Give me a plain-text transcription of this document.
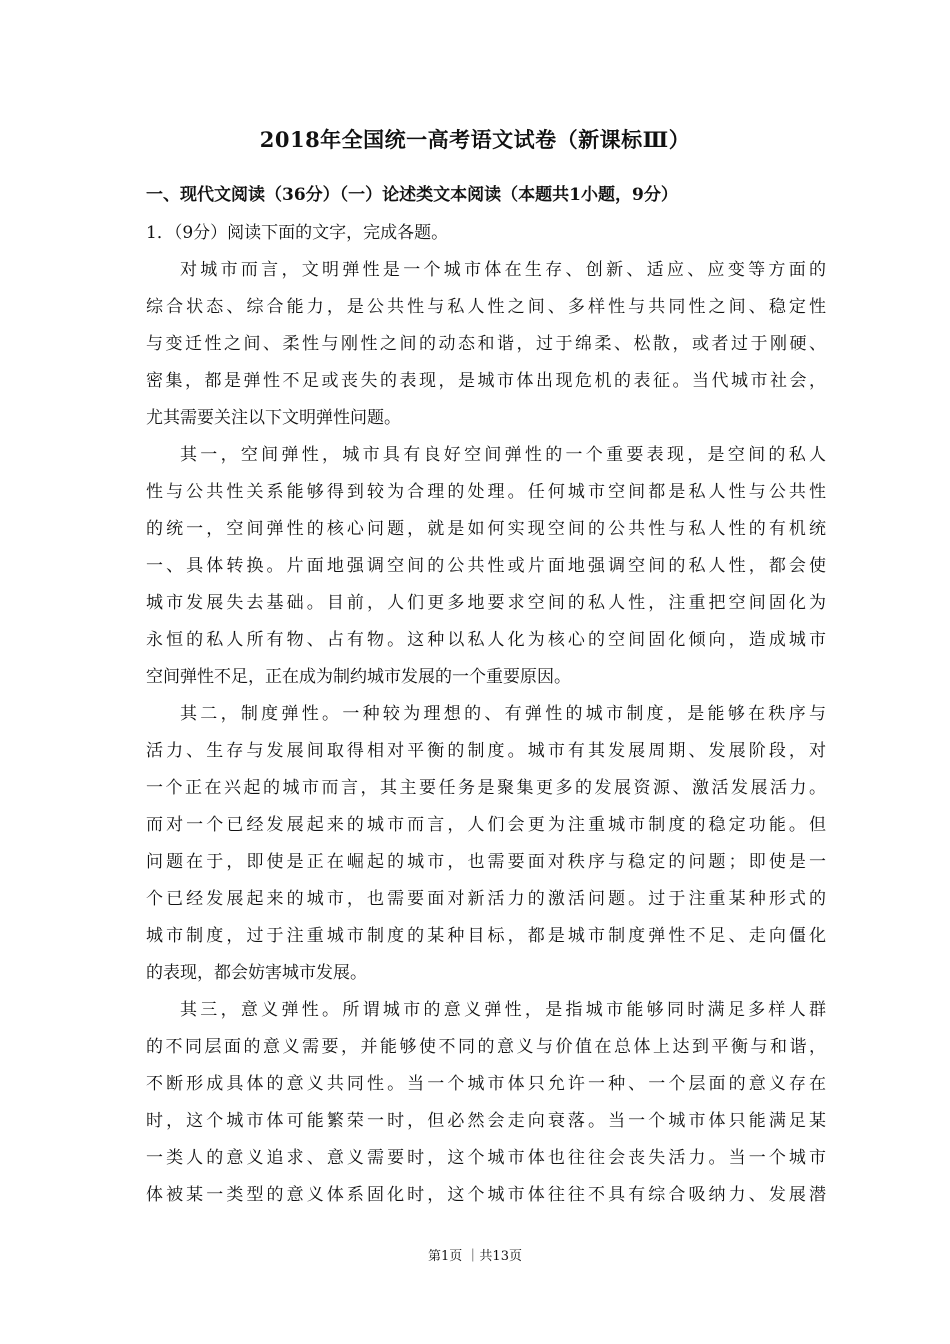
2018年全国统一高考语文试卷（新课标Ⅲ）
一、现代文阅读（36分）（一）论述类文本阅读（本题共1小题，9分）
1．（9分）阅读下面的文字，完成各题。
对城市而言，文明弹性是一个城市体在生存、创新、适应、应变等方面的
综合状态、综合能力，是公共性与私人性之间、多样性与共同性之间、稳定性
与变迁性之间、柔性与刚性之间的动态和谐，过于绵柔、松散，或者过于刚硬、
密集，都是弹性不足或丧失的表现，是城市体出现危机的表征。当代城市社会，
尤其需要关注以下文明弹性问题。
其一，空间弹性，城市具有良好空间弹性的一个重要表现，是空间的私人
性与公共性关系能够得到较为合理的处理。任何城市空间都是私人性与公共性
的统一，空间弹性的核心问题，就是如何实现空间的公共性与私人性的有机统
一、具体转换。片面地强调空间的公共性或片面地强调空间的私人性，都会使
城市发展失去基础。目前，人们更多地要求空间的私人性，注重把空间固化为
永恒的私人所有物、占有物。这种以私人化为核心的空间固化倾向，造成城市
空间弹性不足，正在成为制约城市发展的一个重要原因。
其二，制度弹性。一种较为理想的、有弹性的城市制度，是能够在秩序与
活力、生存与发展间取得相对平衡的制度。城市有其发展周期、发展阶段，对
一个正在兴起的城市而言，其主要任务是聚集更多的发展资源、激活发展活力。
而对一个已经发展起来的城市而言，人们会更为注重城市制度的稳定功能。但
问题在于，即使是正在崛起的城市，也需要面对秩序与稳定的问题；即使是一
个已经发展起来的城市，也需要面对新活力的激活问题。过于注重某种形式的
城市制度，过于注重城市制度的某种目标，都是城市制度弹性不足、走向僵化
的表现，都会妨害城市发展。
其三，意义弹性。所谓城市的意义弹性，是指城市能够同时满足多样人群
的不同层面的意义需要，并能够使不同的意义与价值在总体上达到平衡与和谐，
不断形成具体的意义共同性。当一个城市体只允许一种、一个层面的意义存在
时，这个城市体可能繁荣一时，但必然会走向衰落。当一个城市体只能满足某
一类人的意义追求、意义需要时，这个城市体也往往会丧失活力。当一个城市
体被某一类型的意义体系固化时，这个城市体往往不具有综合吸纳力、发展潜
第1页 ｜共13页
